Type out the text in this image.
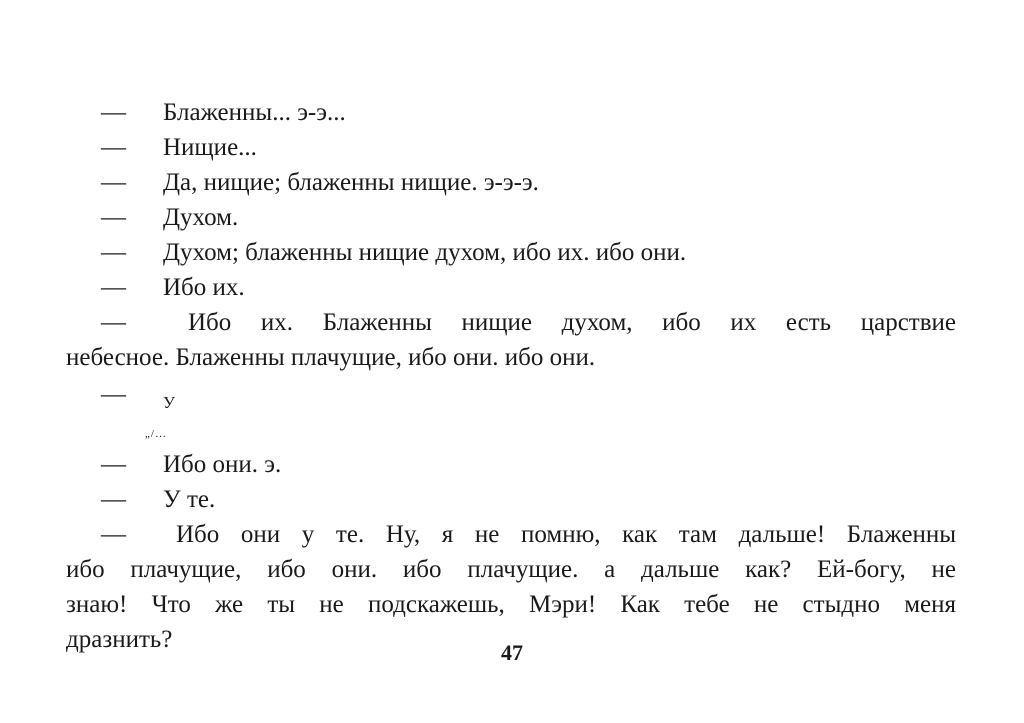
— Блаженны... э-э...
— Нищие...
— Да, нищие; блаженны нищие. э-э-э.
— Духом.
— Духом; блаженны нищие духом, ибо их. ибо они.
— Ибо их.
— Ибо их. Блаженны нищие духом, ибо их есть царствие
небесное. Блаженны плачущие, ибо они. ибо они.
— У
„/…
— Ибо они. э.
— У те.
— Ибо они у те. Ну, я не помню, как там дальше! Блаженны
ибо плачущие, ибо они. ибо плачущие. а дальше как? Ей-богу, не
знаю! Что же ты не подскажешь, Мэри! Как тебе не стыдно меня
дразнить?	47
